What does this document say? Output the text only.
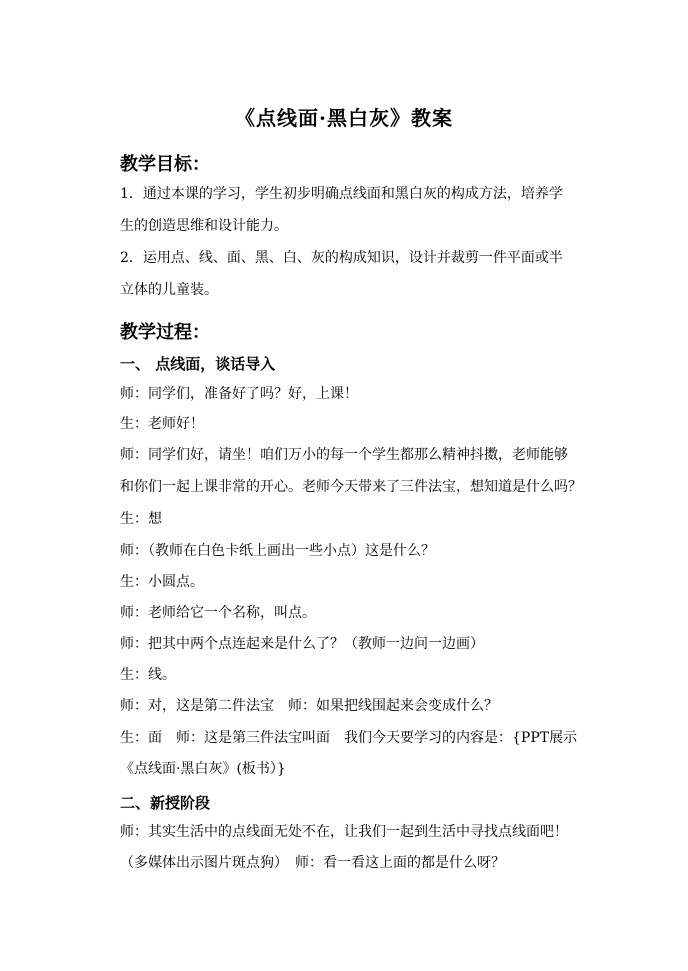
《点线面·黑白灰》教案
教学目标：
1．通过本课的学习，学生初步明确点线面和黑白灰的构成方法，培养学
生的创造思维和设计能力。
2．运用点、线、面、黑、白、灰的构成知识，设计并裁剪一件平面或半
立体的儿童装。
教学过程：
一、 点线面，谈话导入
师：同学们，准备好了吗？好，上课！
生：老师好！
师：同学们好，请坐！咱们万小的每一个学生都那么精神抖擞，老师能够
和你们一起上课非常的开心。老师今天带来了三件法宝，想知道是什么吗？
生：想
师：（教师在白色卡纸上画出一些小点）这是什么？
生：小圆点。
师：老师给它一个名称，叫点。
师：把其中两个点连起来是什么了？（教师一边问一边画）
生：线。
师：对，这是第二件法宝　师：如果把线围起来会变成什么？
生：面　师：这是第三件法宝叫面　我们今天要学习的内容是：{PPT展示
《点线面·黑白灰》(板书）}
二、新授阶段
师：其实生活中的点线面无处不在，让我们一起到生活中寻找点线面吧！
（多媒体出示图片斑点狗）　师：看一看这上面的都是什么呀？
